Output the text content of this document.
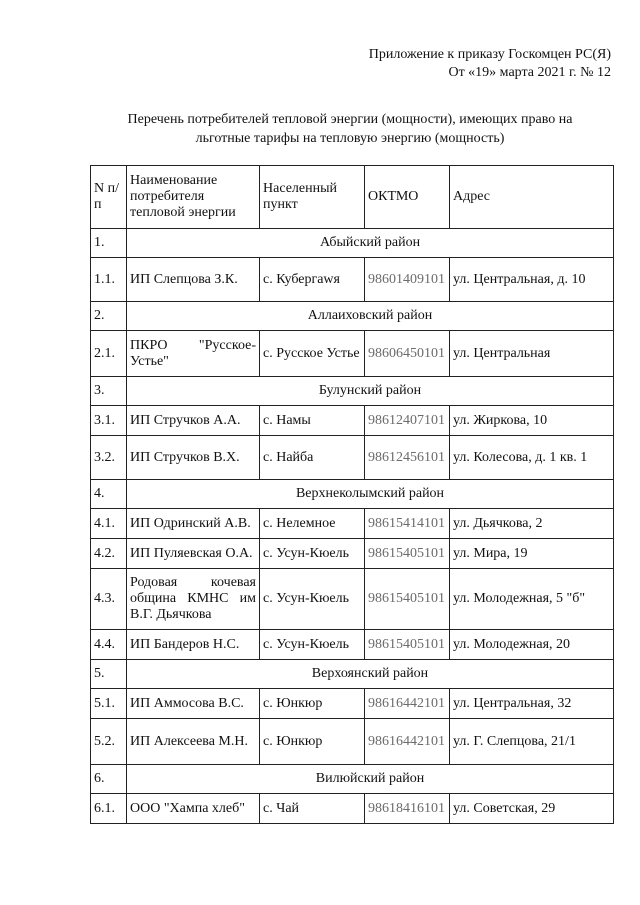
Приложение к приказу Госкомцен РС(Я)
От «19» марта 2021 г. № 12
Перечень потребителей тепловой энергии (мощности), имеющих право на
льготные тарифы на тепловую энергию (мощность)
N п/п	Наименование потребителя тепловой энергии	Населенный пункт	ОКТМО	Адрес
1.	Абыйский район			
1.1.	ИП Слепцова З.К.	с. Кубергаwя	98601409101	ул. Центральная, д. 10
2.	Аллаиховский район			
2.1.	ПКРО "Русское-Устье"	с. Русское Устье	98606450101	ул. Центральная
3.	Булунский район			
3.1.	ИП Стручков А.А.	с. Намы	98612407101	ул. Жиркова, 10
3.2.	ИП Стручков В.Х.	с. Найба	98612456101	ул. Колесова, д. 1 кв. 1
4.	Верхнеколымский район			
4.1.	ИП Одринский А.В.	с. Нелемное	98615414101	ул. Дьячкова, 2
4.2.	ИП Пуляевская О.А.	с. Усун-Кюель	98615405101	ул. Мира, 19
4.3.	Родовая кочевая община КМНС им В.Г. Дьячкова	с. Усун-Кюель	98615405101	ул. Молодежная, 5 "б"
4.4.	ИП Бандеров Н.С.	с. Усун-Кюель	98615405101	ул. Молодежная, 20
5.	Верхоянский район			
5.1.	ИП Аммосова В.С.	с. Юнкюр	98616442101	ул. Центральная, 32
5.2.	ИП Алексеева М.Н.	с. Юнкюр	98616442101	ул. Г. Слепцова, 21/1
6.	Вилюйский район			
6.1.	ООО "Хампа хлеб"	с. Чай	98618416101	ул. Советская, 29
